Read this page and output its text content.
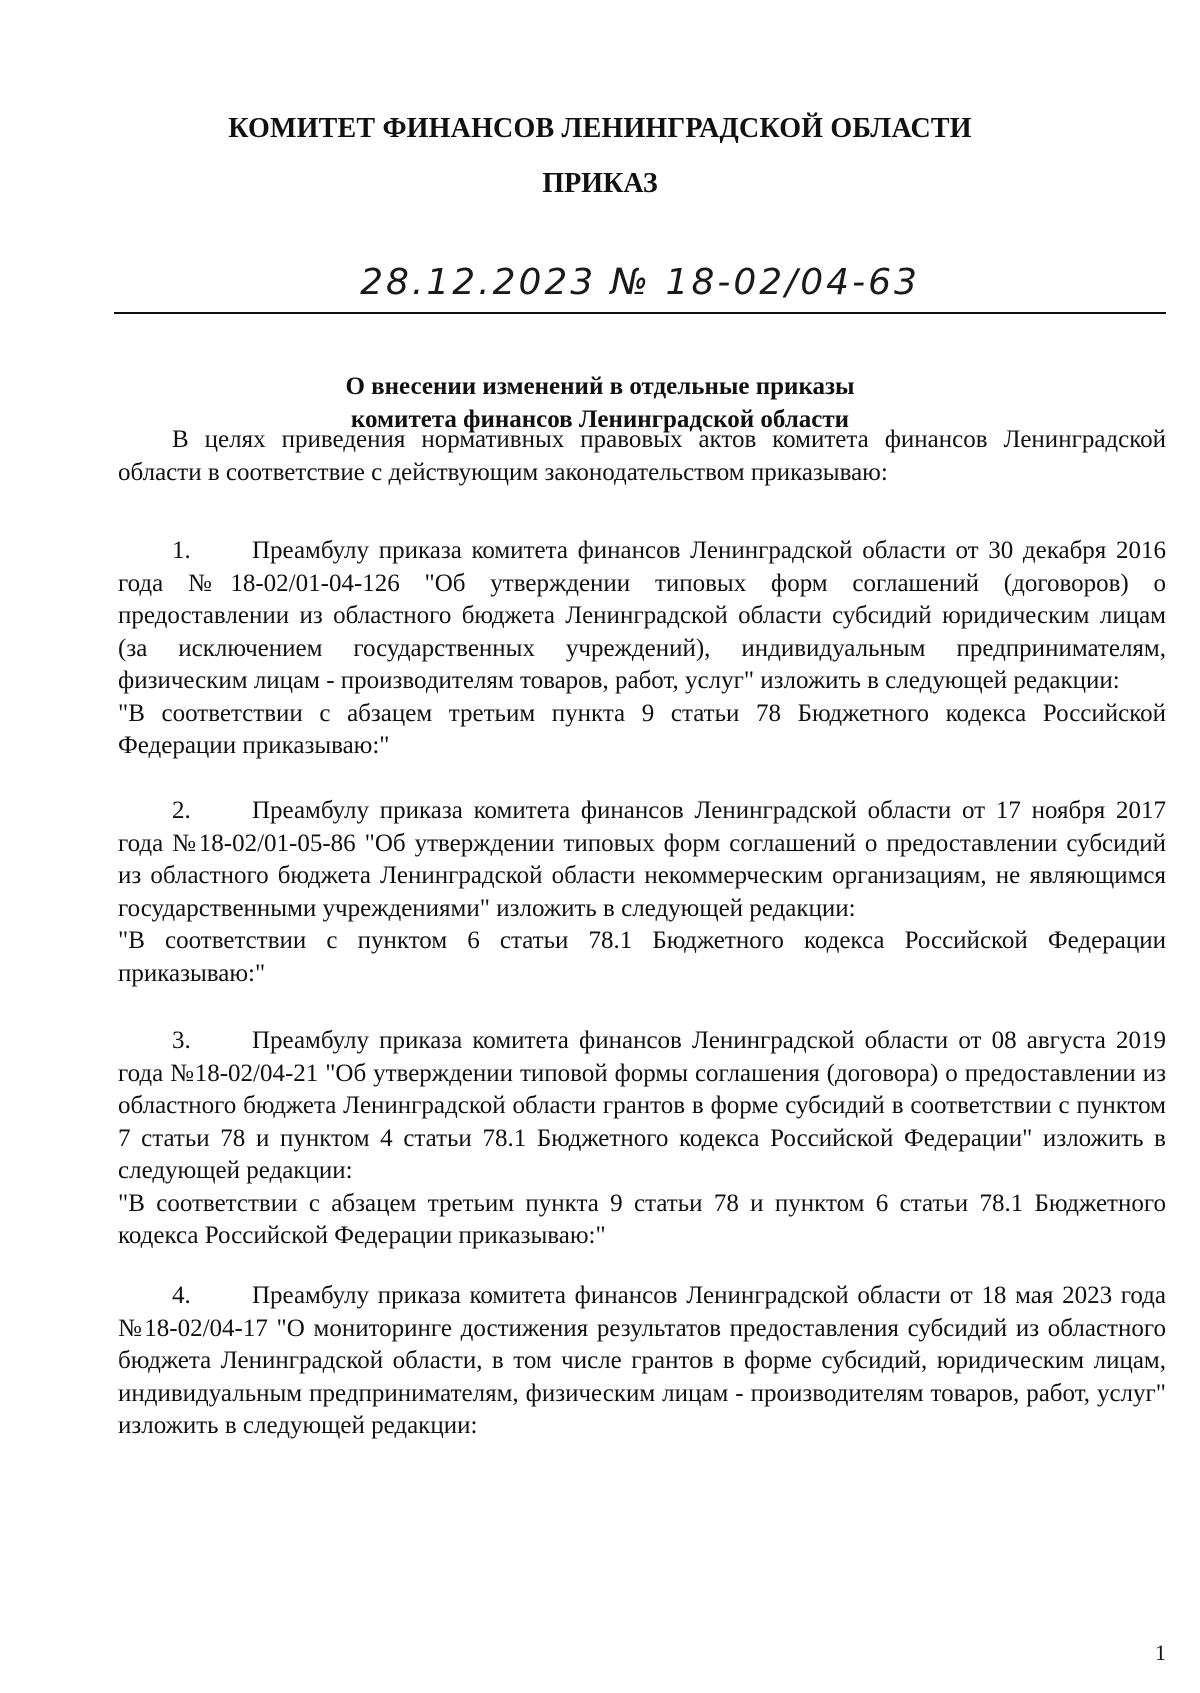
КОМИТЕТ ФИНАНСОВ ЛЕНИНГРАДСКОЙ ОБЛАСТИ
ПРИКАЗ
28.12.2023 № 18-02/04-63
О внесении изменений в отдельные приказы
комитета финансов Ленинградской области

В целях приведения нормативных правовых актов комитета финансов Ленинградской области в соответствие с действующим законодательством приказываю:

1. Преамбулу приказа комитета финансов Ленинградской области от 30 декабря 2016 года №18-02/01-04-126 "Об утверждении типовых форм соглашений (договоров) о предоставлении из областного бюджета Ленинградской области субсидий юридическим лицам (за исключением государственных учреждений), индивидуальным предпринимателям, физическим лицам - производителям товаров, работ, услуг" изложить в следующей редакции:

"В соответствии с абзацем третьим пункта 9 статьи 78 Бюджетного кодекса Российской Федерации приказываю:"

2. Преамбулу приказа комитета финансов Ленинградской области от 17 ноября 2017 года №18-02/01-05-86 "Об утверждении типовых форм соглашений о предоставлении субсидий из областного бюджета Ленинградской области некоммерческим организациям, не являющимся государственными учреждениями" изложить в следующей редакции:

"В соответствии с пунктом 6 статьи 78.1 Бюджетного кодекса Российской Федерации приказываю:"

3. Преамбулу приказа комитета финансов Ленинградской области от 08 августа 2019 года №18-02/04-21 "Об утверждении типовой формы соглашения (договора) о предоставлении из областного бюджета Ленинградской области грантов в форме субсидий в соответствии с пунктом 7 статьи 78 и пунктом 4 статьи 78.1 Бюджетного кодекса Российской Федерации" изложить в следующей редакции:

"В соответствии с абзацем третьим пункта 9 статьи 78 и пунктом 6 статьи 78.1 Бюджетного кодекса Российской Федерации приказываю:"

4. Преамбулу приказа комитета финансов Ленинградской области от 18 мая 2023 года №18-02/04-17 "О мониторинге достижения результатов предоставления субсидий из областного бюджета Ленинградской области, в том числе грантов в форме субсидий, юридическим лицам, индивидуальным предпринимателям, физическим лицам - производителям товаров, работ, услуг" изложить в следующей редакции:

1
